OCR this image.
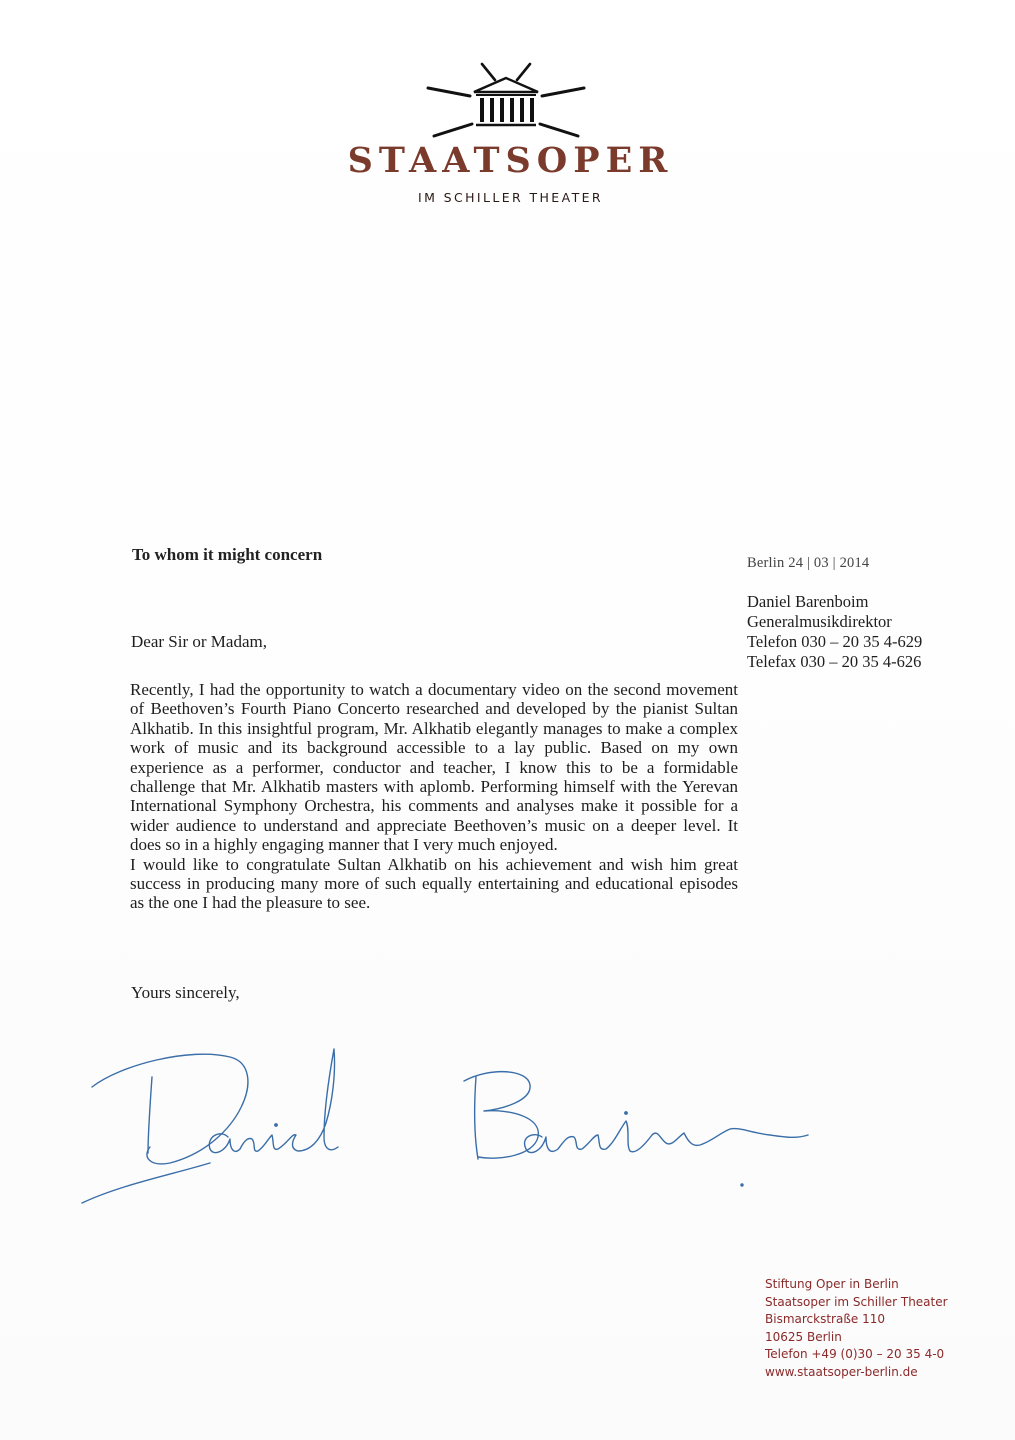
STAATSOPER
IM SCHILLER THEATER
To whom it might concern	Berlin 24 | 03 | 2014
Daniel Barenboim
Generalmusikdirektor
Telefon 030 – 20 35 4-629
Telefax 030 – 20 35 4-626
Dear Sir or Madam,

Recently, I had the opportunity to watch a documentary video on the second movement of Beethoven’s Fourth Piano Concerto researched and developed by the pianist Sultan Alkhatib. In this insightful program, Mr. Alkhatib elegantly manages to make a complex work of music and its background accessible to a lay public. Based on my own experience as a performer, conductor and teacher, I know this to be a formidable challenge that Mr. Alkhatib masters with aplomb. Performing himself with the Yerevan International Symphony Orchestra, his comments and analyses make it possible for a wider audience to understand and appreciate Beethoven’s music on a deeper level. It does so in a highly engaging manner that I very much enjoyed.

I would like to congratulate Sultan Alkhatib on his achievement and wish him great success in producing many more of such equally entertaining and educational episodes as the one I had the pleasure to see.

Yours sincerely,
Stiftung Oper in Berlin
Staatsoper im Schiller Theater
Bismarckstraße 110
10625 Berlin
Telefon +49 (0)30 – 20 35 4-0
www.staatsoper-berlin.de
